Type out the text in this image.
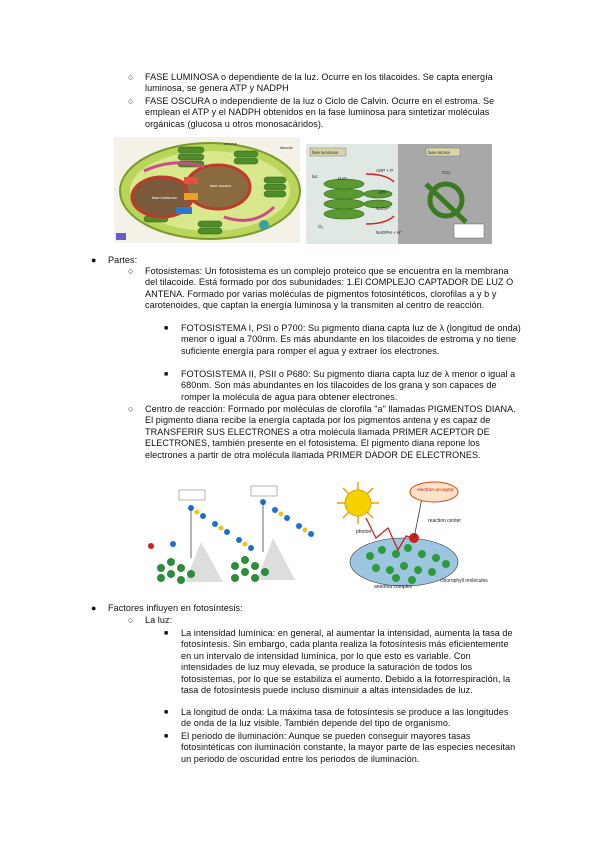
○ FASE LUMINOSA o dependiente de la luz. Ocurre en los tilacoides. Se capta energía luminosa, se genera ATP y NADPH
○ FASE OSCURA o independiente de la luz o Ciclo de Calvin. Ocurre en el estroma. Se emplean el ATP y el NADPH obtenidos en la fase luminosa para sintetizar moléculas orgánicas (glucosa u otros monosacáridos).
fase luminosa
fase oscura
estroma
tilacoide
fase luminosa	fase oscura
H₂O
luz
ATP
ADP + P
NADP⁺
NADPH + H⁺
O₂
CO₂
● Partes:
○ Fotosistemas: Un fotosistema es un complejo proteico que se encuentra en la membrana del tilacoide. Está formado por dos subunidades: 1.El COMPLEJO CAPTADOR DE LUZ O ANTENA. Formado por varias moléculas de pigmentos fotosintéticos, clorofilas a y b y carotenoides, que captan la energía luminosa y la transmiten al centro de reacción.
■ FOTOSISTEMA I, PSI o P700: Su pigmento diana capta luz de λ (longitud de onda) menor o igual a 700nm. Es más abundante en los tilacoides de estroma y no tiene suficiente energía para romper el agua y extraer los electrones.
■ FOTOSISTEMA II, PSII o P680: Su pigmento diana capta luz de λ menor o igual a 680nm. Son más abundantes en los tilacoides de los grana y son capaces de romper la molécula de agua para obtener electrones.
○ Centro de reacción: Formado por moléculas de clorofila "a" llamadas PIGMENTOS DIANA. El pigmento diana recibe la energía captada por los pigmentos antena y es capaz de TRANSFERIR SUS ELECTRONES a otra molécula llamada PRIMER ACEPTOR DE ELECTRONES, también presente en el fotosistema. El pigmento diana repone los electrones a partir de otra molécula llamada PRIMER DADOR DE ELECTRONES.
electron acceptor
photon
reaction center
antenna complex
chlorophyll molecules
● Factores influyen en fotosíntesis:
○ La luz:
■ La intensidad lumínica: en general, al aumentar la intensidad, aumenta la tasa de fotosíntesis. Sin embargo, cada planta realiza la fotosíntesis más eficientemente en un intervalo de intensidad lumínica, por lo que esto es variable. Con intensidades de luz muy elevada, se produce la saturación de todos los fotosistemas, por lo que se estabiliza el aumento. Debido a la fotorrespiración, la tasa de fotosíntesis puede incluso disminuir a altas intensidades de luz.
■ La longitud de onda: La máxima tasa de fotosíntesis se produce a las longitudes de onda de la luz visible. También depende del tipo de organismo.
■ El periodo de iluminación: Aunque se pueden conseguir mayores tasas fotosintéticas con iluminación constante, la mayor parte de las especies necesitan un periodo de oscuridad entre los periodos de iluminación.
